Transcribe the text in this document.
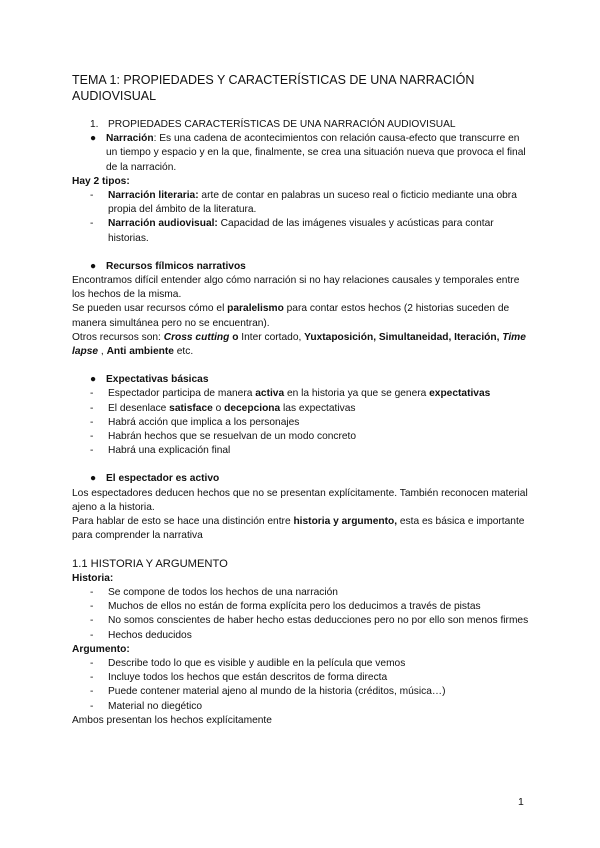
TEMA 1: PROPIEDADES Y CARACTERÍSTICAS DE UNA NARRACIÓN AUDIOVISUAL

1. PROPIEDADES CARACTERÍSTICAS DE UNA NARRACIÓN AUDIOVISUAL

● Narración: Es una cadena de acontecimientos con relación causa-efecto que transcurre en un tiempo y espacio y en la que, finalmente, se crea una situación nueva que provoca el final de la narración.

Hay 2 tipos:

-	Narración literaria: arte de contar en palabras un suceso real o ficticio mediante una obra propia del ámbito de la literatura.
-	Narración audiovisual: Capacidad de las imágenes visuales y acústicas para contar historias.
● Recursos fílmicos narrativos

Encontramos difícil entender algo cómo narración si no hay relaciones causales y temporales entre los hechos de la misma.

Se pueden usar recursos cómo el paralelismo para contar estos hechos (2 historias suceden de manera simultánea pero no se encuentran).

Otros recursos son: Cross cutting o Inter cortado, Yuxtaposición, Simultaneidad, Iteración, Time lapse , Anti ambiente etc.

● Expectativas básicas
-	Espectador participa de manera activa en la historia ya que se genera expectativas
-	El desenlace satisface o decepciona las expectativas
-	Habrá acción que implica a los personajes
-	Habrán hechos que se resuelvan de un modo concreto
-	Habrá una explicación final
● El espectador es activo

Los espectadores deducen hechos que no se presentan explícitamente. También reconocen material ajeno a la historia.

Para hablar de esto se hace una distinción entre historia y argumento, esta es básica e importante para comprender la narrativa

1.1 HISTORIA Y ARGUMENTO

Historia:

-	Se compone de todos los hechos de una narración
-	Muchos de ellos no están de forma explícita pero los deducimos a través de pistas
-	No somos conscientes de haber hecho estas deducciones pero no por ello son menos firmes
-	Hechos deducidos

Argumento:

-	Describe todo lo que es visible y audible en la película que vemos
-	Incluye todos los hechos que están descritos de forma directa
-	Puede contener material ajeno al mundo de la historia (créditos, música…)
-	Material no diegético

Ambos presentan los hechos explícitamente

1
